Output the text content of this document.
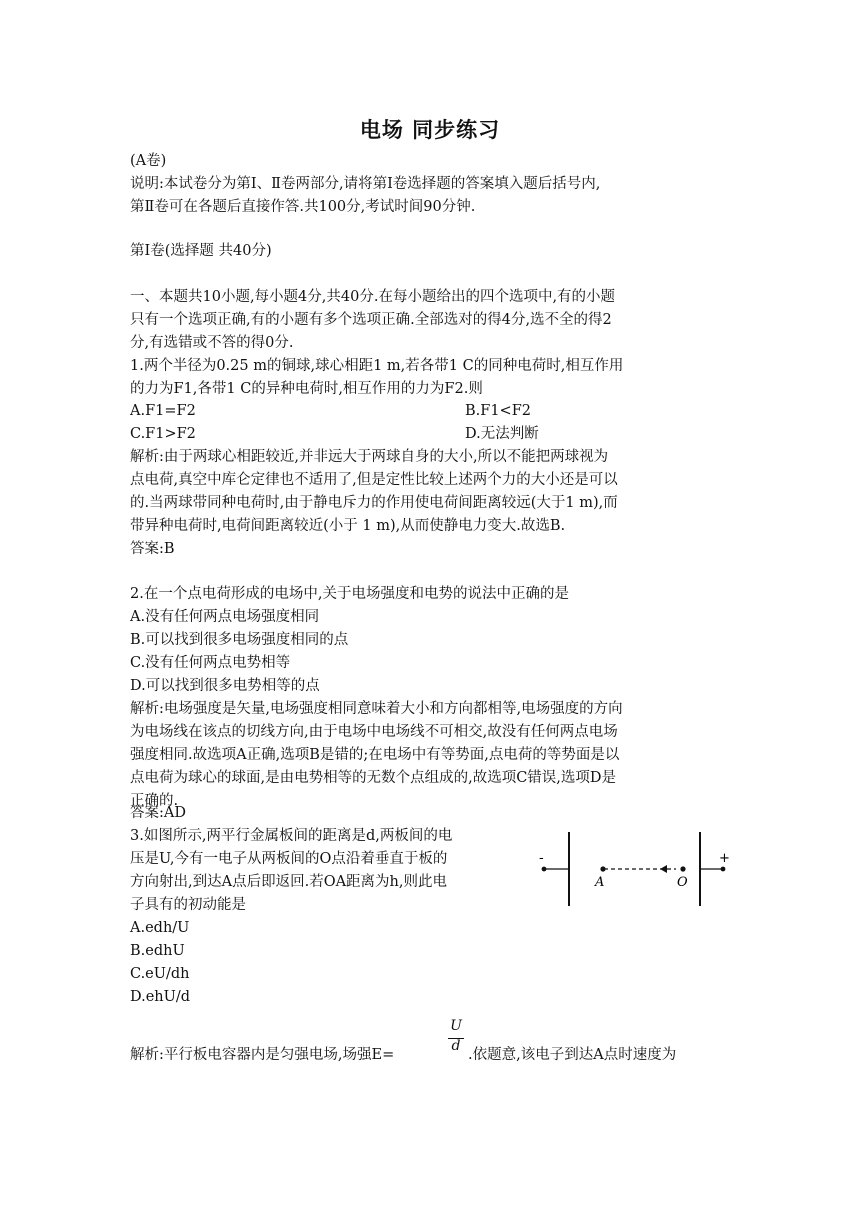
电场 同步练习
(A卷)
说明:本试卷分为第Ⅰ、Ⅱ卷两部分,请将第Ⅰ卷选择题的答案填入题后括号内,
第Ⅱ卷可在各题后直接作答.共100分,考试时间90分钟.
第Ⅰ卷(选择题 共40分)
一、本题共10小题,每小题4分,共40分.在每小题给出的四个选项中,有的小题
只有一个选项正确,有的小题有多个选项正确.全部选对的得4分,选不全的得2
分,有选错或不答的得0分.
1.两个半径为0.25 m的铜球,球心相距1 m,若各带1 C的同种电荷时,相互作用
的力为F1,各带1 C的异种电荷时,相互作用的力为F2.则
A.F1=F2	B.F1<F2
C.F1>F2	D.无法判断
解析:由于两球心相距较近,并非远大于两球自身的大小,所以不能把两球视为
点电荷,真空中库仑定律也不适用了,但是定性比较上述两个力的大小还是可以
的.当两球带同种电荷时,由于静电斥力的作用使电荷间距离较远(大于1 m),而
带异种电荷时,电荷间距离较近(小于 1 m),从而使静电力变大.故选B.
答案:B
2.在一个点电荷形成的电场中,关于电场强度和电势的说法中正确的是
A.没有任何两点电场强度相同
B.可以找到很多电场强度相同的点
C.没有任何两点电势相等
D.可以找到很多电势相等的点
解析:电场强度是矢量,电场强度相同意味着大小和方向都相等,电场强度的方向
为电场线在该点的切线方向,由于电场中电场线不可相交,故没有任何两点电场
强度相同.故选项A正确,选项B是错的;在电场中有等势面,点电荷的等势面是以
点电荷为球心的球面,是由电势相等的无数个点组成的,故选项C错误,选项D是
正确的.
答案:AD
3.如图所示,两平行金属板间的距离是d,两板间的电
压是U,今有一电子从两板间的O点沿着垂直于板的
方向射出,到达A点后即返回.若OA距离为h,则此电
子具有的初动能是
A.edh/U
B.edhU
C.eU/dh
D.ehU/d
解析:平行板电容器内是匀强电场,场强E=
U
d
.依题意,该电子到达A点时速度为
-	+
A	O
